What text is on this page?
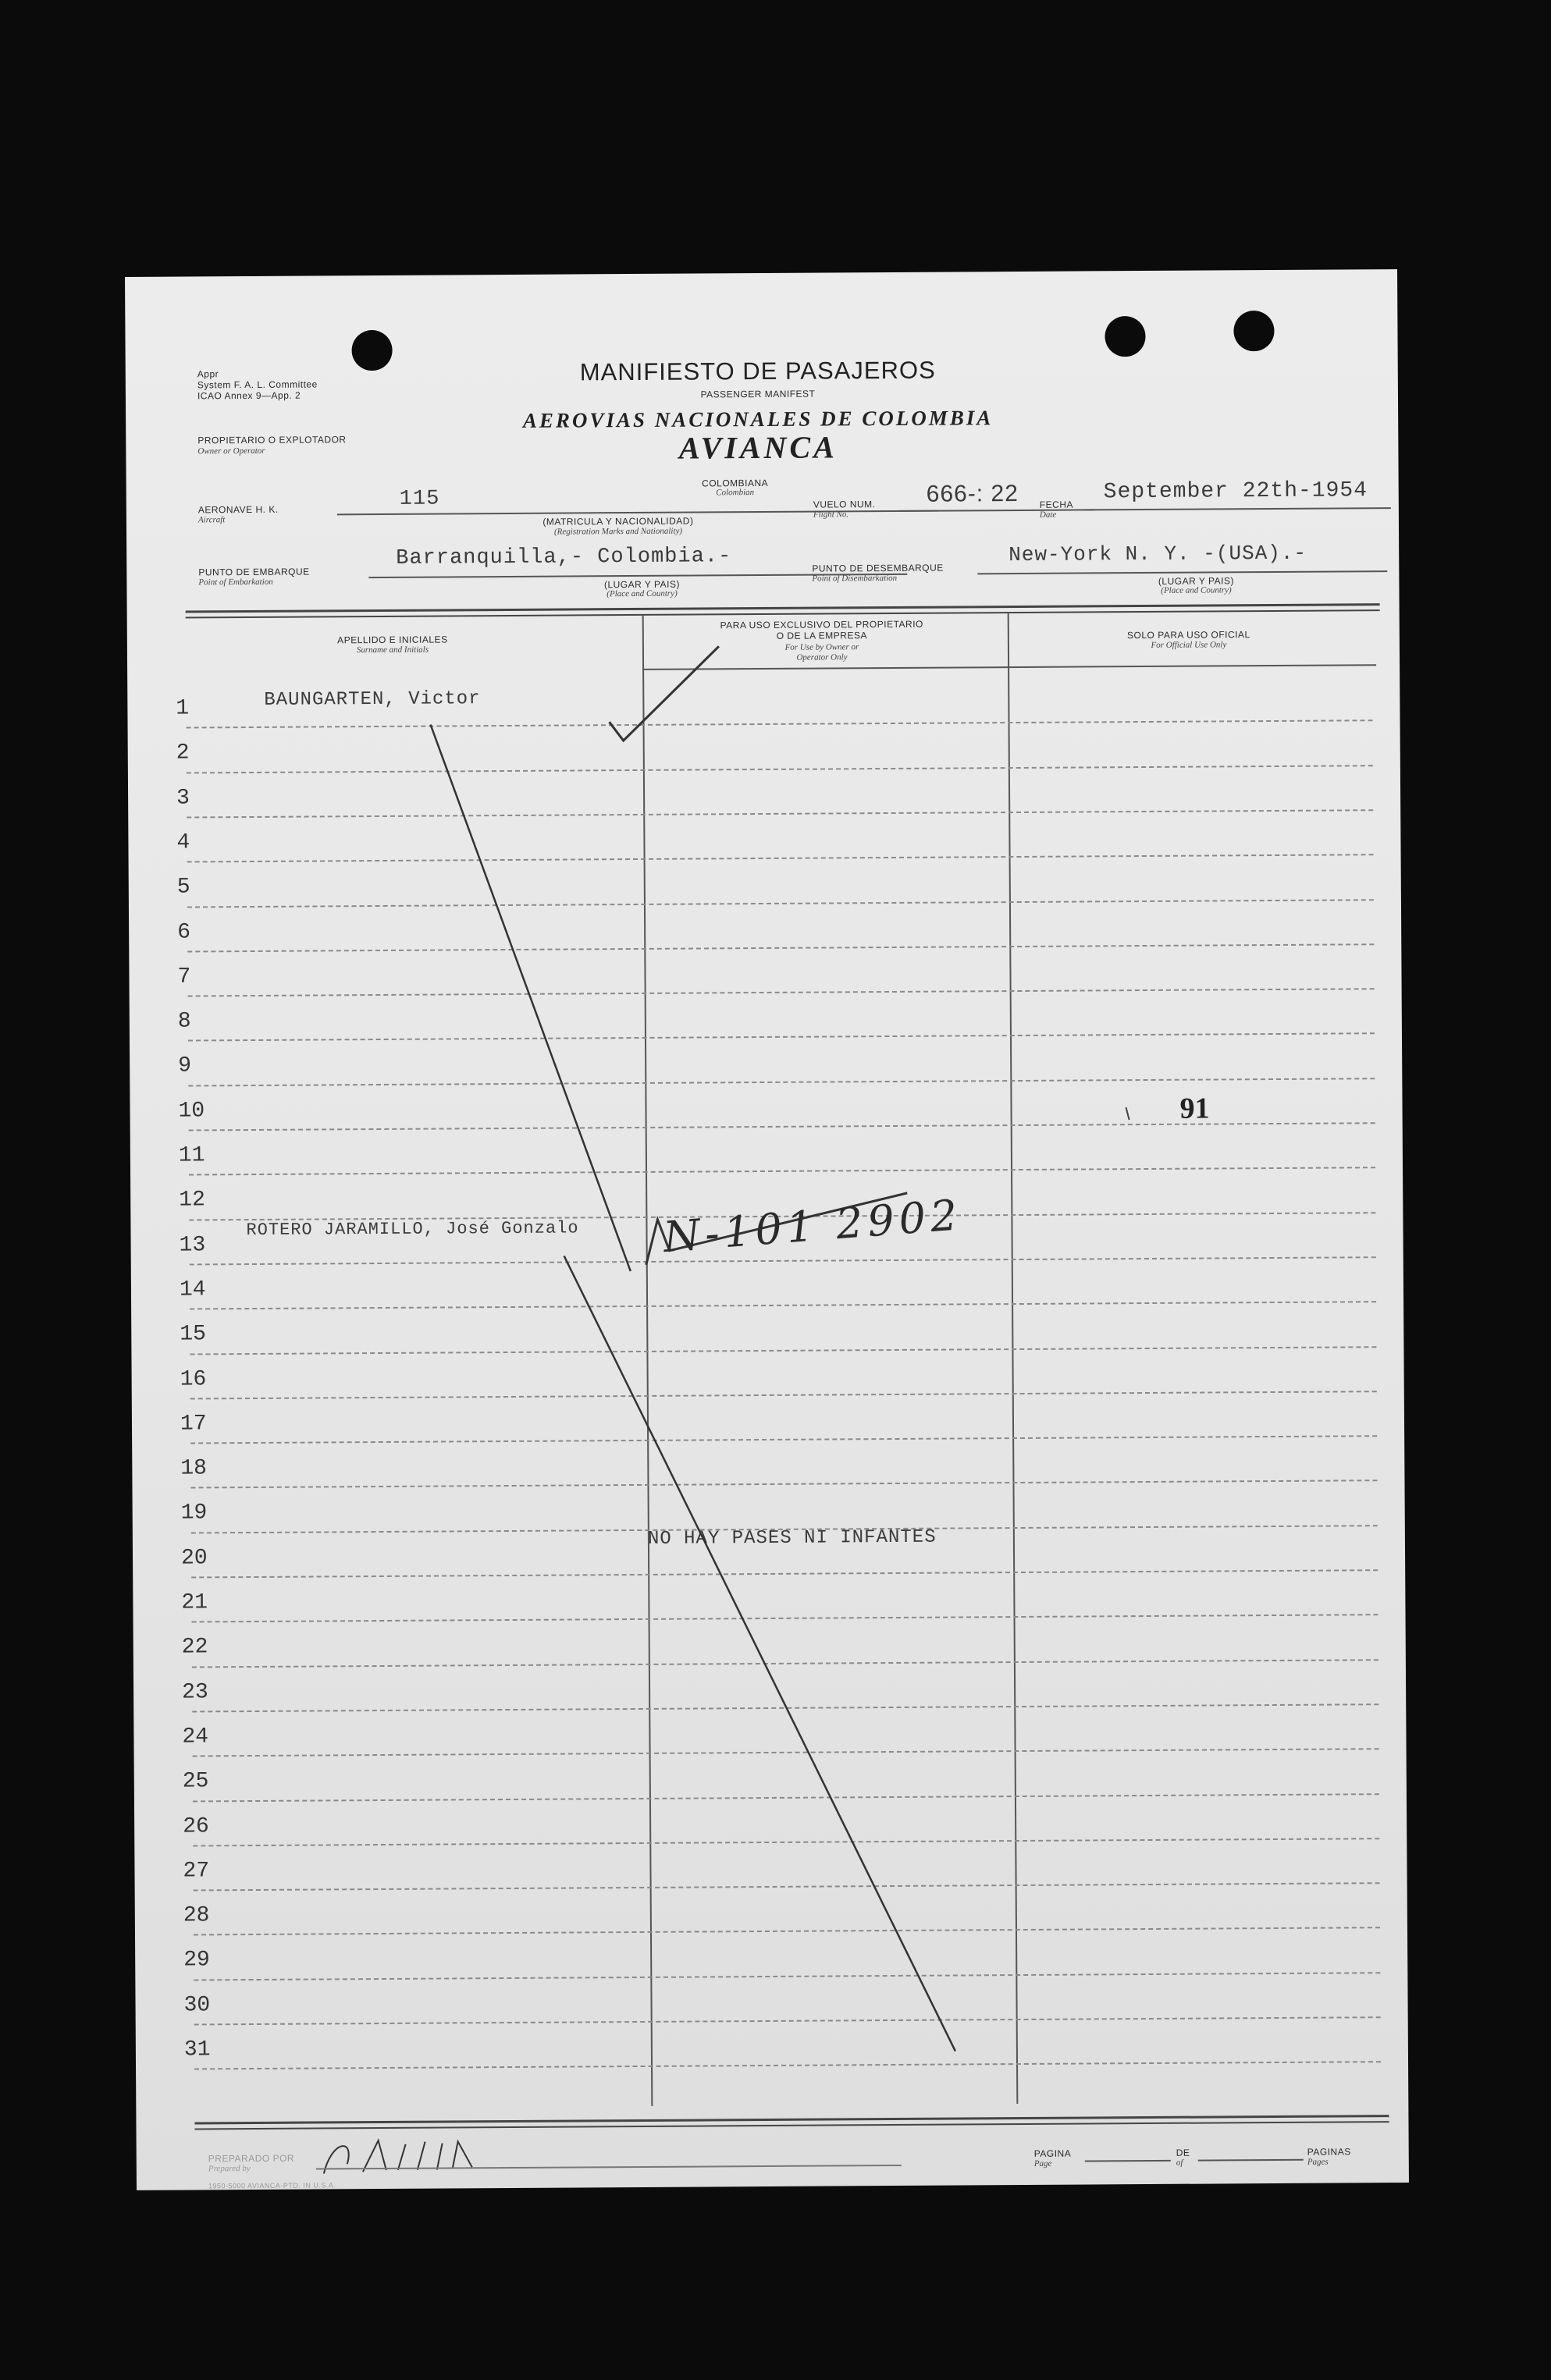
Appr
System F. A. L. Committee
ICAO Annex 9—App. 2
MANIFIESTO DE PASAJEROS
PASSENGER MANIFEST
AEROVIAS NACIONALES DE COLOMBIA
AVIANCA
PROPIETARIO O EXPLOTADOR
Owner or Operator
AERONAVE H. K.
Aircraft
115
COLOMBIANA
Colombian
(MATRICULA Y NACIONALIDAD)
(Registration Marks and Nationality)
VUELO NUM.
Flight No.
666-: 22 FECHA
Date
September 22th-1954
PUNTO DE EMBARQUE
Point of Embarkation
Barranquilla,- Colombia.-
(LUGAR Y PAIS)
(Place and Country)
PUNTO DE DESEMBARQUE
Point of Disembarkation
New-York N. Y. -(USA).-
(LUGAR Y PAIS)
(Place and Country)
APELLIDO E INICIALES
Surname and Initials
PARA USO EXCLUSIVO DEL PROPIETARIO
O DE LA EMPRESA
For Use by Owner or
Operator Only
SOLO PARA USO OFICIAL
For Official Use Only
1
2
3
4
5
6
7
8
9
10
11
12
13
14
15
16
17
18
19
20
21
22
23
24
25
26
27
28
29
30
31
BAUNGARTEN, Victor
ROTERO JARAMILLO, José Gonzalo
NO HAY PASES NI INFANTES
91
N-101 2902
PREPARADO POR
Prepared by
PAGINA
Page
DE
of
PAGINAS
Pages
1950-5000 AVIANCA-PTD. IN U.S.A.
